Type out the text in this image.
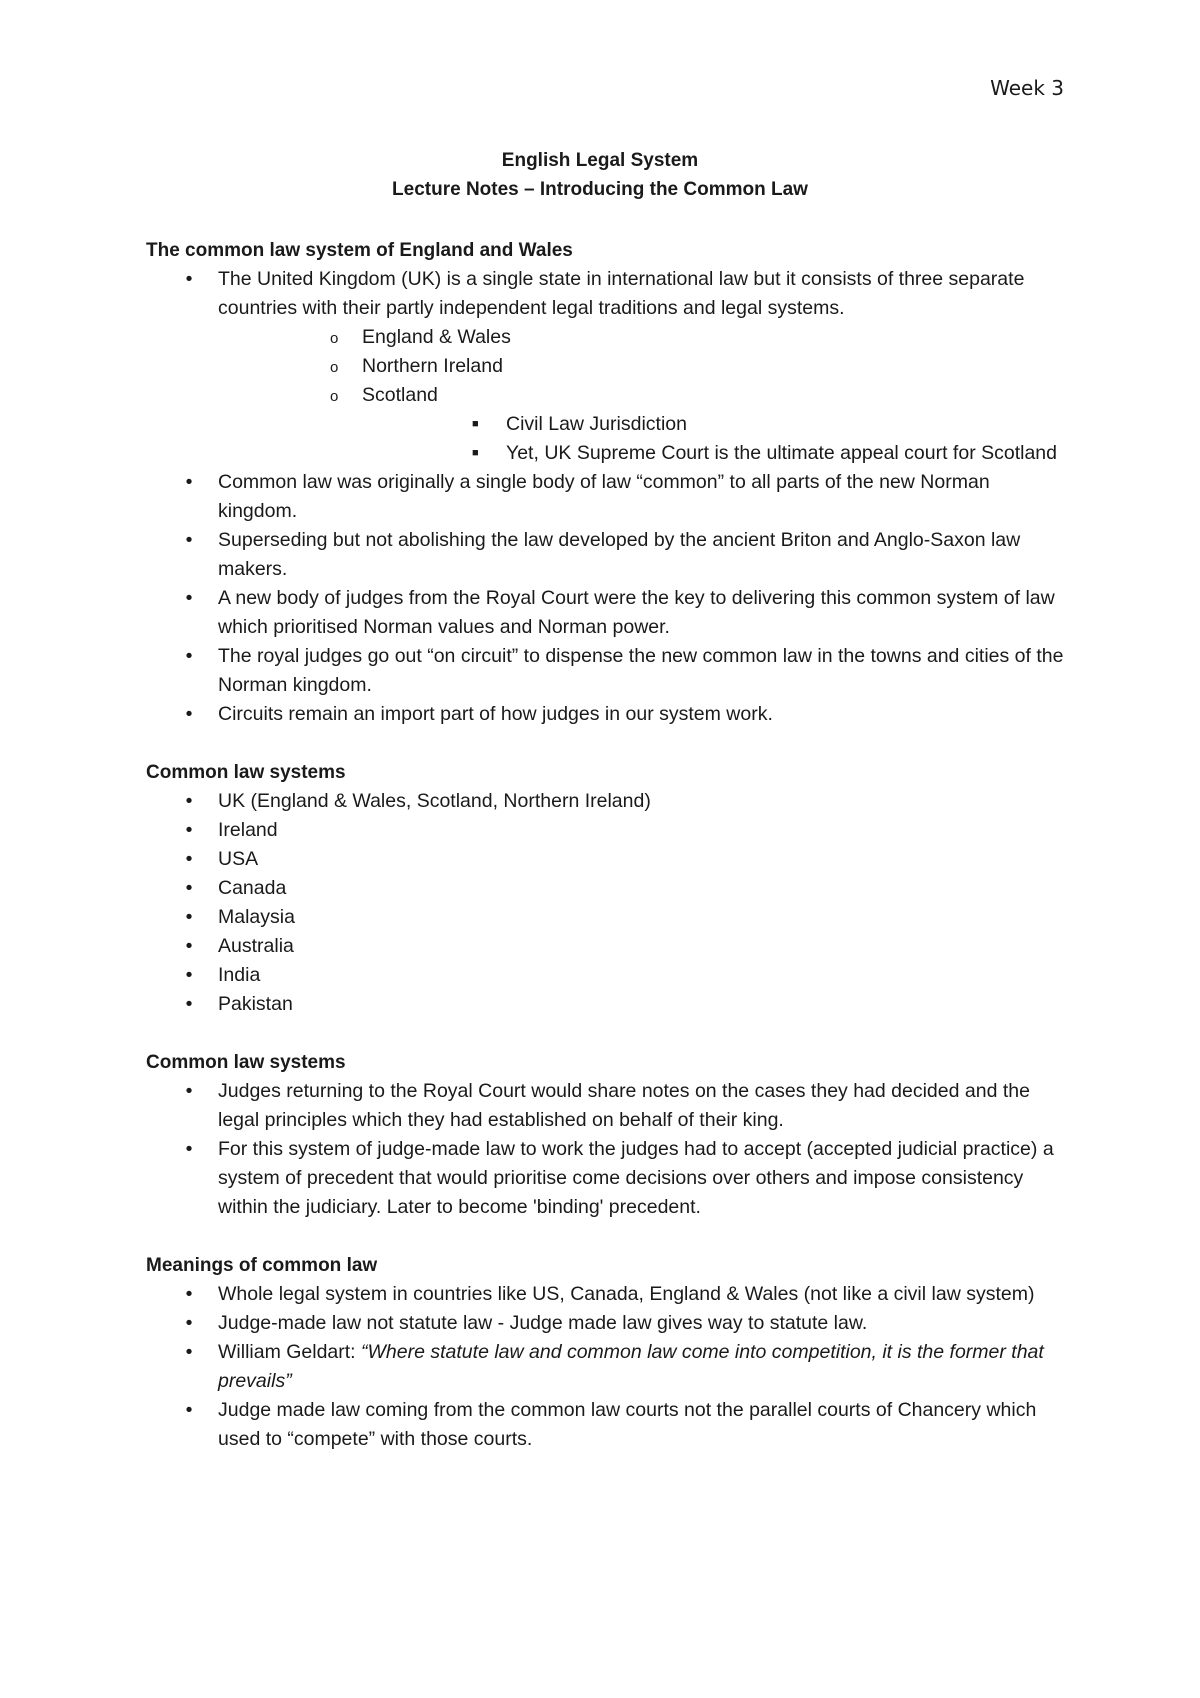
Week 3
English Legal System
Lecture Notes – Introducing the Common Law
The common law system of England and Wales
• The United Kingdom (UK) is a single state in international law but it consists of three separate countries with their partly independent legal traditions and legal systems.
o England & Wales
o Northern Ireland
o Scotland
■ Civil Law Jurisdiction
■ Yet, UK Supreme Court is the ultimate appeal court for Scotland
• Common law was originally a single body of law “common” to all parts of the new Norman kingdom.
• Superseding but not abolishing the law developed by the ancient Briton and Anglo-Saxon law makers.
• A new body of judges from the Royal Court were the key to delivering this common system of law which prioritised Norman values and Norman power.
• The royal judges go out “on circuit” to dispense the new common law in the towns and cities of the Norman kingdom.
• Circuits remain an import part of how judges in our system work.
Common law systems
• UK (England & Wales, Scotland, Northern Ireland)
• Ireland
• USA
• Canada
• Malaysia
• Australia
• India
• Pakistan
Common law systems
• Judges returning to the Royal Court would share notes on the cases they had decided and the legal principles which they had established on behalf of their king.
• For this system of judge-made law to work the judges had to accept (accepted judicial practice) a system of precedent that would prioritise come decisions over others and impose consistency within the judiciary. Later to become 'binding' precedent.
Meanings of common law
• Whole legal system in countries like US, Canada, England & Wales (not like a civil law system)
• Judge-made law not statute law - Judge made law gives way to statute law.
• William Geldart: “Where statute law and common law come into competition, it is the former that prevails”
• Judge made law coming from the common law courts not the parallel courts of Chancery which used to “compete” with those courts.
